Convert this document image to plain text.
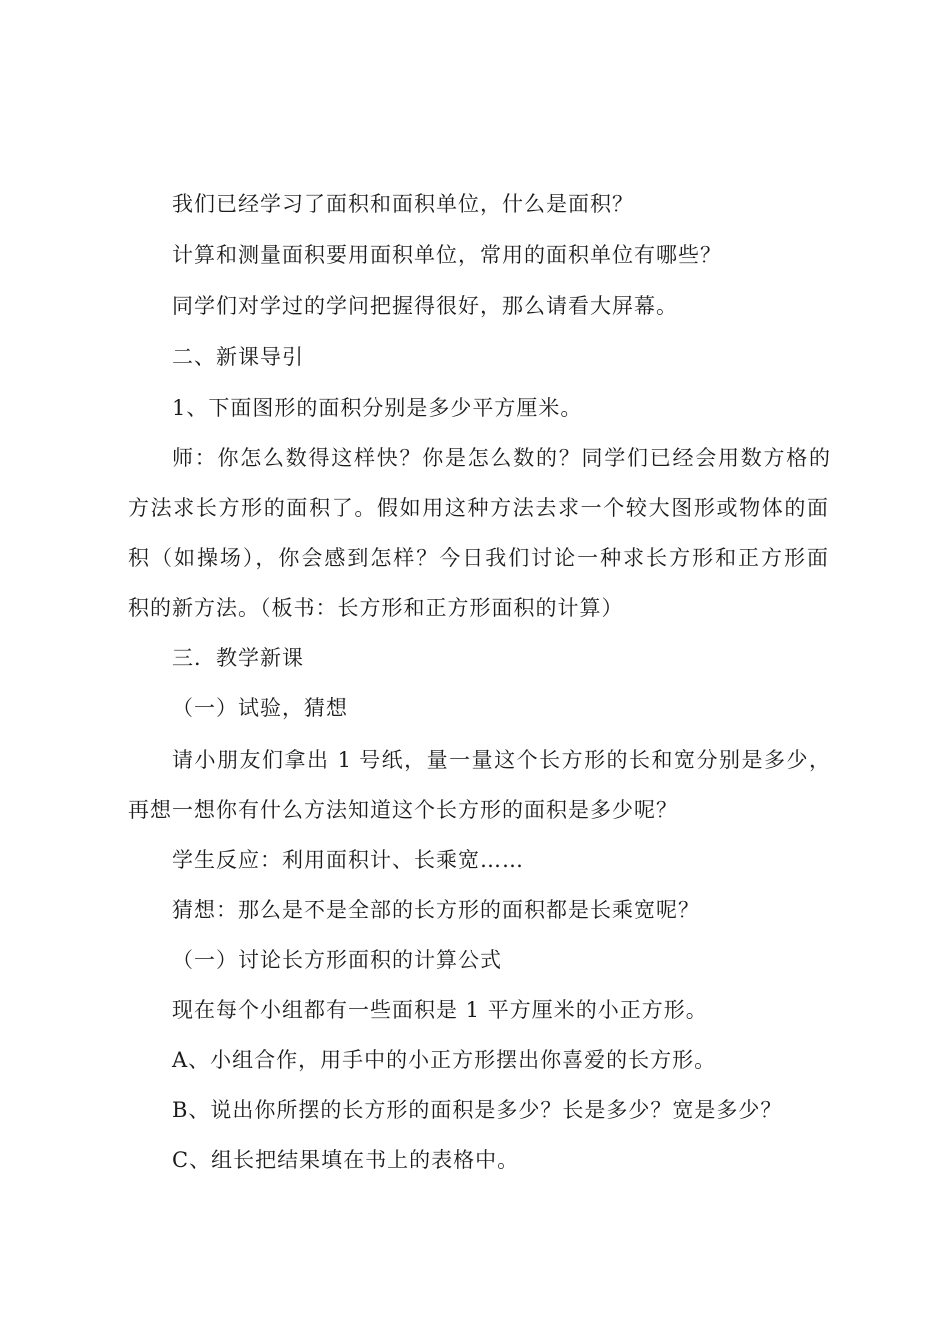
我们已经学习了面积和面积单位，什么是面积？
计算和测量面积要用面积单位，常用的面积单位有哪些？
同学们对学过的学问把握得很好，那么请看大屏幕。
二、新课导引
1、下面图形的面积分别是多少平方厘米。
师：你怎么数得这样快？你是怎么数的？同学们已经会用数方格的
方法求长方形的面积了。假如用这种方法去求一个较大图形或物体的面
积（如操场），你会感到怎样？今日我们讨论一种求长方形和正方形面
积的新方法。（板书：长方形和正方形面积的计算）
三．教学新课
（一）试验，猜想
请小朋友们拿出 1 号纸，量一量这个长方形的长和宽分别是多少，
再想一想你有什么方法知道这个长方形的面积是多少呢？
学生反应：利用面积计、长乘宽……
猜想：那么是不是全部的长方形的面积都是长乘宽呢？
（一）讨论长方形面积的计算公式
现在每个小组都有一些面积是 1 平方厘米的小正方形。
A、小组合作，用手中的小正方形摆出你喜爱的长方形。
B、说出你所摆的长方形的面积是多少？长是多少？宽是多少？
C、组长把结果填在书上的表格中。
